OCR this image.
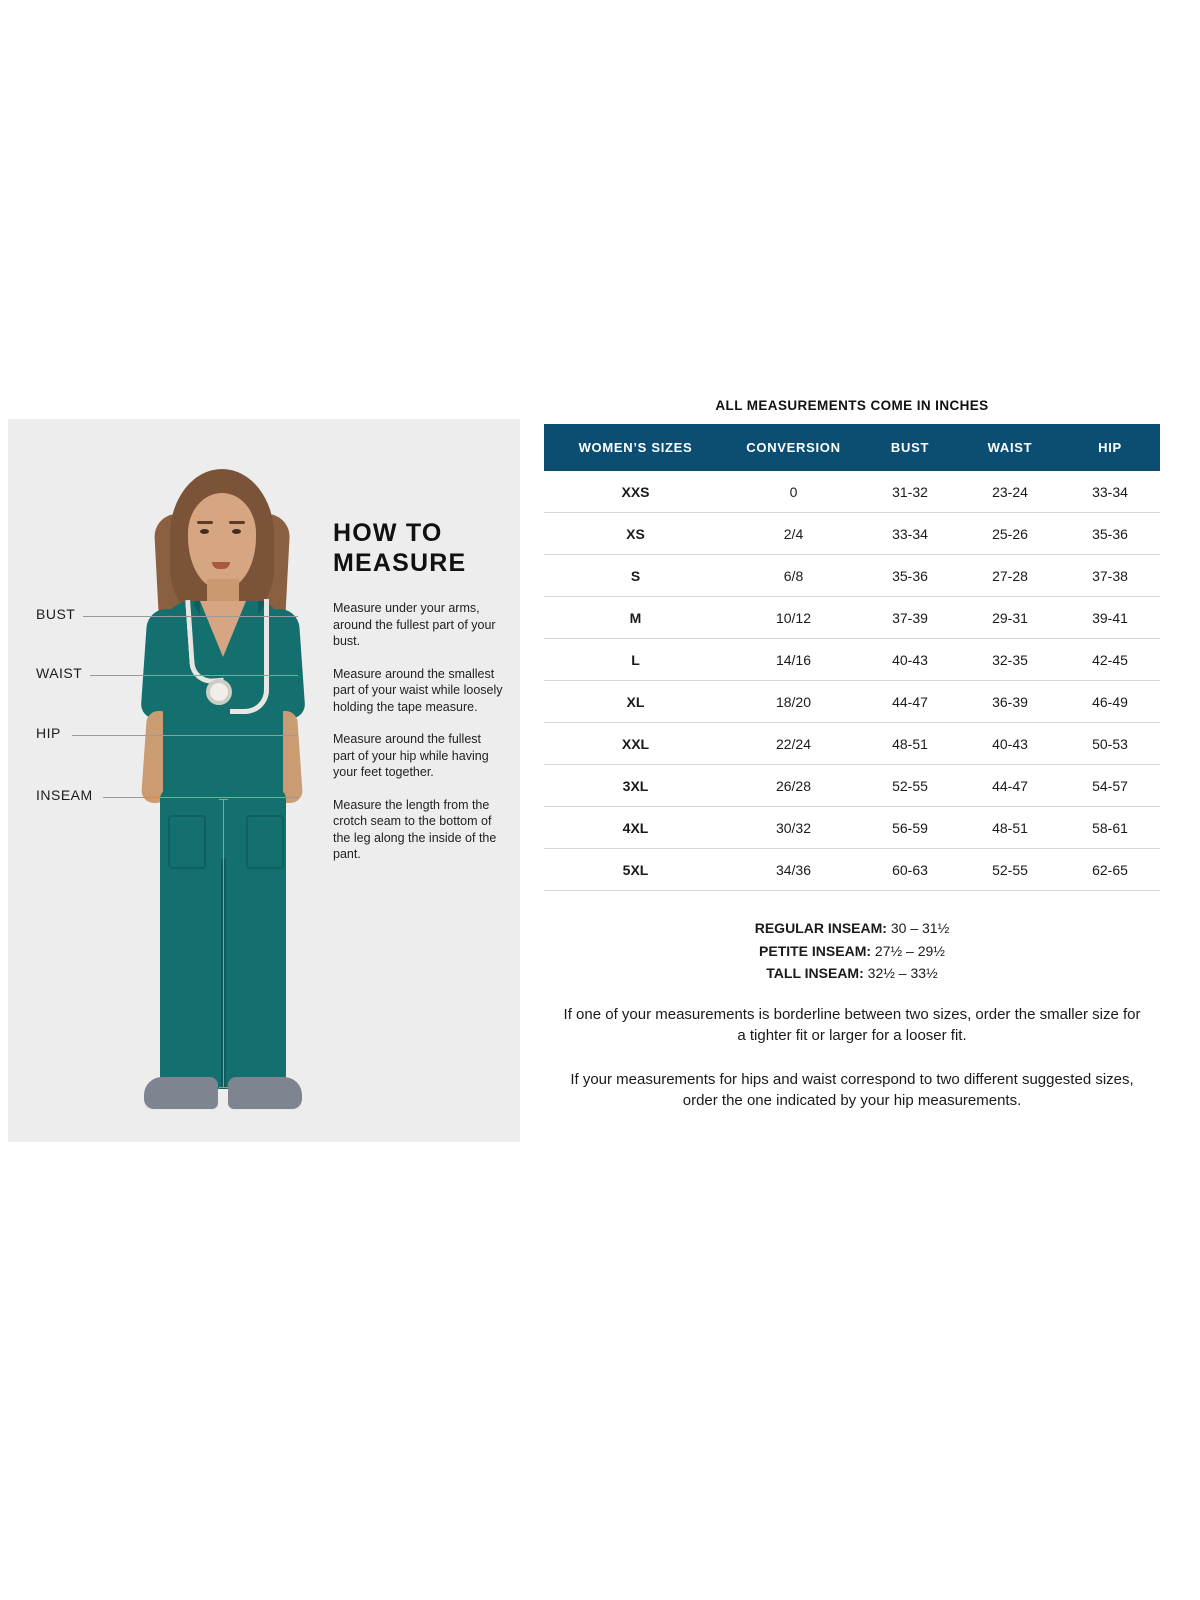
BUST
WAIST
HIP
INSEAM
HOW TO
MEASURE
Measure under your arms, around the fullest part of your bust.
Measure around the smallest part of your waist while loosely holding the tape measure.
Measure around the fullest part of your hip while having your feet together.
Measure the length from the crotch seam to the bottom of the leg along the inside of the pant.
ALL MEASUREMENTS COME IN INCHES
WOMEN’S SIZES	CONVERSION	BUST	WAIST	HIP
XXS	0	31-32	23-24	33-34
XS	2/4	33-34	25-26	35-36
S	6/8	35-36	27-28	37-38
M	10/12	37-39	29-31	39-41
L	14/16	40-43	32-35	42-45
XL	18/20	44-47	36-39	46-49
XXL	22/24	48-51	40-43	50-53
3XL	26/28	52-55	44-47	54-57
4XL	30/32	56-59	48-51	58-61
5XL	34/36	60-63	52-55	62-65
REGULAR INSEAM: 30 – 31½
PETITE INSEAM: 27½ – 29½
TALL INSEAM: 32½ – 33½
If one of your measurements is borderline between two sizes, order the smaller size for a tighter fit or larger for a looser fit.
If your measurements for hips and waist correspond to two different suggested sizes, order the one indicated by your hip measurements.
